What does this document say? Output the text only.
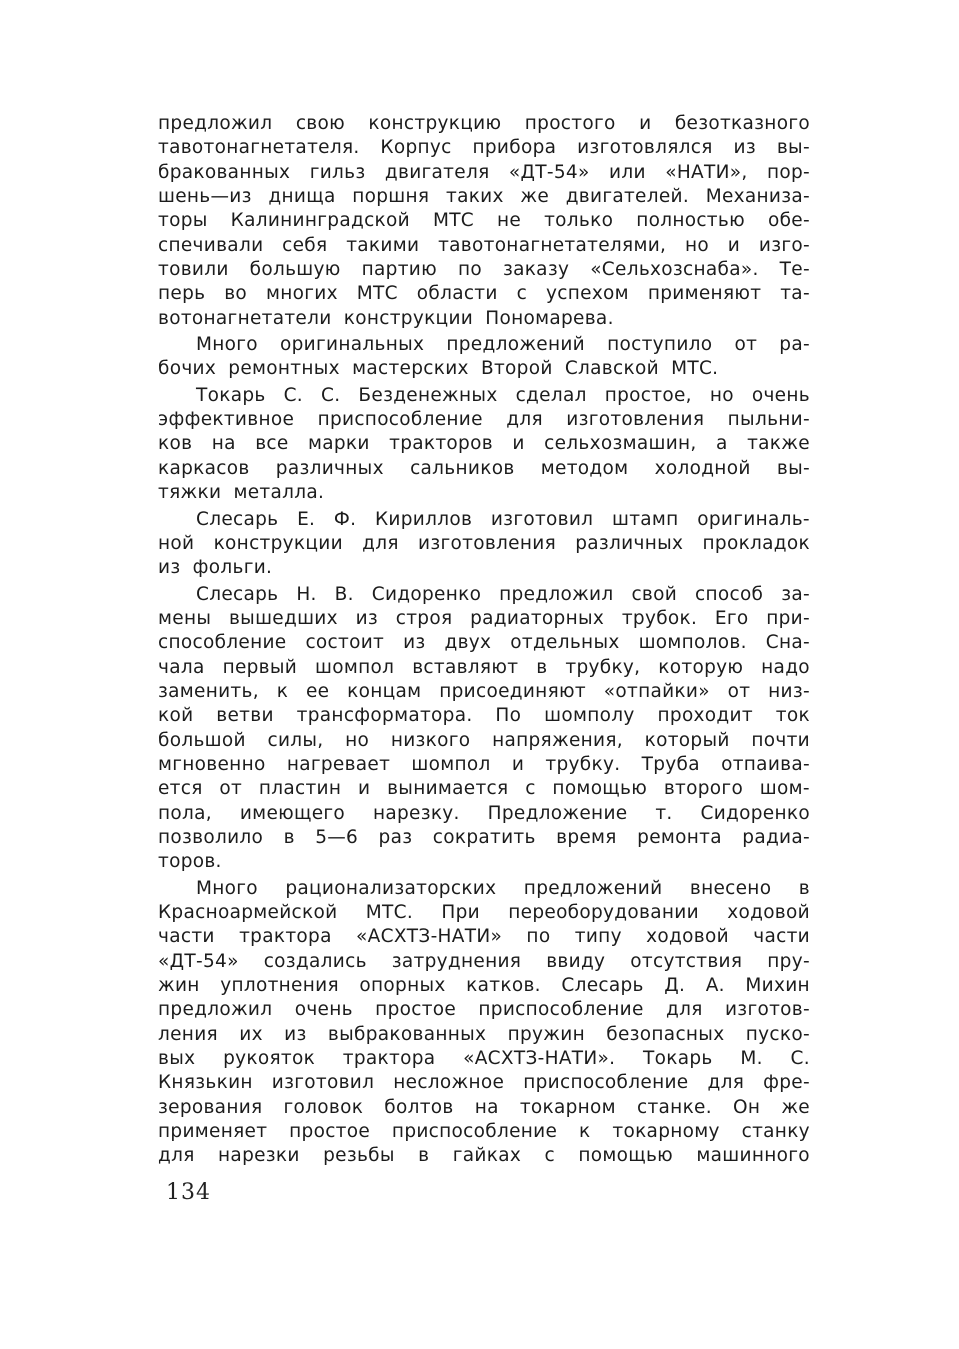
предложил свою конструкцию простого и безотказного
тавотонагнетателя. Корпус прибора изготовлялся из вы-
бракованных гильз двигателя «ДТ-54» или «НАТИ», пор-
шень—из днища поршня таких же двигателей. Механиза-
торы Калининградской МТС не только полностью обе-
спечивали себя такими тавотонагнетателями, но и изго-
товили большую партию по заказу «Сельхозснаба». Те-
перь во многих МТС области с успехом применяют та-
вотонагнетатели конструкции Пономарева.
Много оригинальных предложений поступило от ра-
бочих ремонтных мастерских Второй Славской МТС.
Токарь С. С. Безденежных сделал простое, но очень
эффективное приспособление для изготовления пыльни-
ков на все марки тракторов и сельхозмашин, а также
каркасов различных сальников методом холодной вы-
тяжки металла.
Слесарь Е. Ф. Кириллов изготовил штамп оригиналь-
ной конструкции для изготовления различных прокладок
из фольги.
Слесарь Н. В. Сидоренко предложил свой способ за-
мены вышедших из строя радиаторных трубок. Его при-
способление состоит из двух отдельных шомполов. Сна-
чала первый шомпол вставляют в трубку, которую надо
заменить, к ее концам присоединяют «отпайки» от низ-
кой ветви трансформатора. По шомполу проходит ток
большой силы, но низкого напряжения, который почти
мгновенно нагревает шомпол и трубку. Труба отпаива-
ется от пластин и вынимается с помощью второго шом-
пола, имеющего нарезку. Предложение т. Сидоренко
позволило в 5—6 раз сократить время ремонта радиа-
торов.
Много рационализаторских предложений внесено в
Красноармейской МТС. При переоборудовании ходовой
части трактора «АСХТЗ-НАТИ» по типу ходовой части
«ДТ-54» создались затруднения ввиду отсутствия пру-
жин уплотнения опорных катков. Слесарь Д. А. Михин
предложил очень простое приспособление для изготов-
ления их из выбракованных пружин безопасных пуско-
вых рукояток трактора «АСХТЗ-НАТИ». Токарь М. С.
Князькин изготовил несложное приспособление для фре-
зерования головок болтов на токарном станке. Он же
применяет простое приспособление к токарному станку
для нарезки резьбы в гайках с помощью машинного
134
